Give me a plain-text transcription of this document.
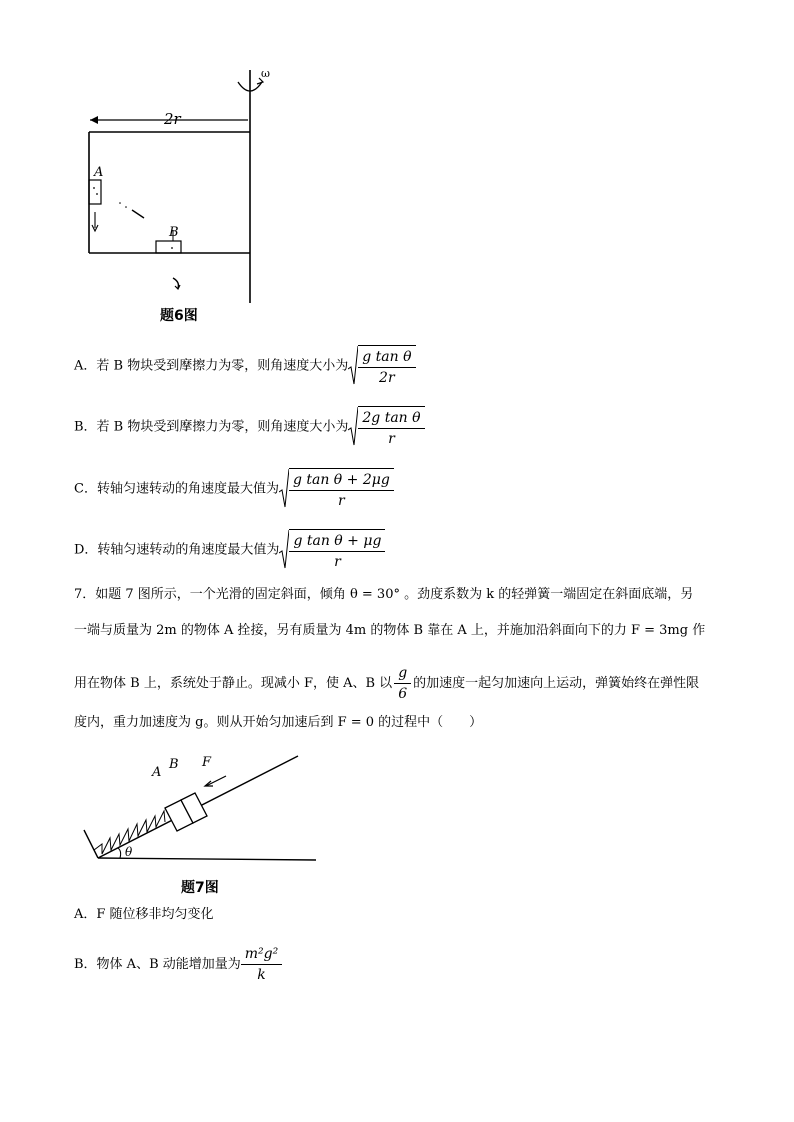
ω
2r
A
B
题6图
A．若 B 物块受到摩擦力为零，则角速度大小为 $\frac{\text{g tan θ}}{2r}$
B．若 B 物块受到摩擦力为零，则角速度大小为 $\frac{\text{2g tan θ}}{r}$
C．转轴匀速转动的角速度最大值为 $\frac{\text{g tan θ + 2μg}}{r}$
D．转轴匀速转动的角速度最大值为 $\frac{\text{g tan θ + μg}}{r}$
7．如题 7 图所示，一个光滑的固定斜面，倾角 θ = 30° 。劲度系数为 k 的轻弹簧一端固定在斜面底端，另
一端与质量为 2m 的物体 A 拴接，另有质量为 4m 的物体 B 靠在 A 上，并施加沿斜面向下的力 F = 3mg 作
用在物体 B 上，系统处于静止。现减小 F，使 A、B 以 $\frac{g}{6}$ 的加速度一起匀加速向上运动，弹簧始终在弹性限
度内，重力加速度为 g。则从开始匀加速后到 F = 0 的过程中（　　）
A
B F
θ
题7图
A．F 随位移非均匀变化
B．物体 A、B 动能增加量为 $\frac{\text{m²g²}}{k}$
